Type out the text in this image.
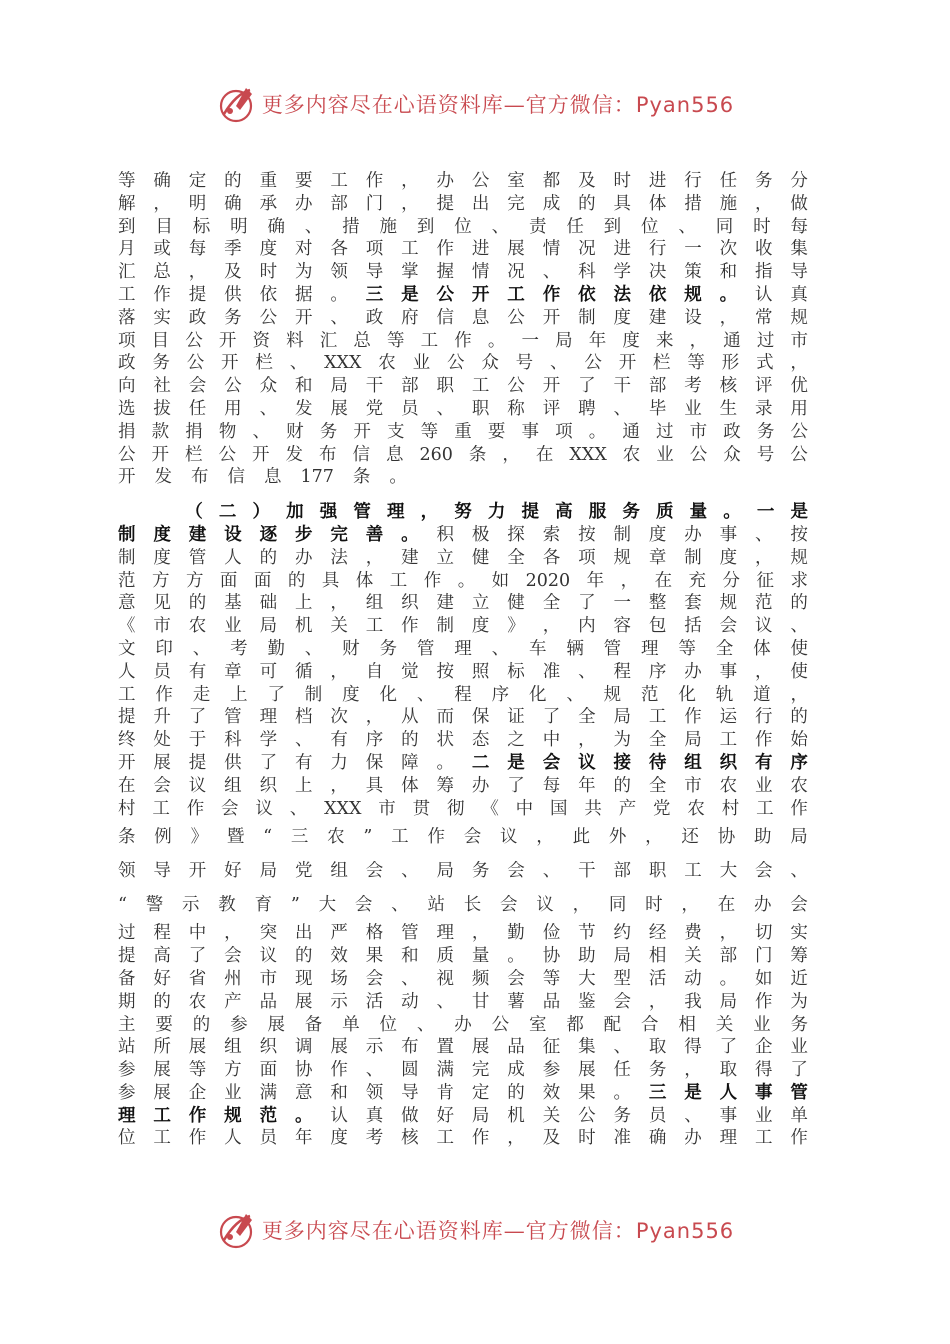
更多内容尽在心语资料库—官方微信：Pyan556
等 确 定 的 重 要 工 作 ， 办 公 室 都 及 时 进 行 任 务 分
解 ， 明 确 承 办 部 门 ， 提 出 完 成 的 具 体 措 施 ， 做
到 目 标 明 确 、 措 施 到 位 、 责 任 到 位 、 同 时 每
月 或 每 季 度 对 各 项 工 作 进 展 情 况 进 行 一 次 收 集
汇 总 ， 及 时 为 领 导 掌 握 情 况 、 科 学 决 策 和 指 导
工 作 提 供 依 据 。 三 是 公 开 工 作 依 法 依 规 。 认 真
落 实 政 务 公 开 、 政 府 信 息 公 开 制 度 建 设 ， 常 规
项 目 公 开 资 料 汇 总 等 工 作 。 一 局 年 度 来 ， 通 过 市
政 务 公 开 栏 、 XXX 农 业 公 众 号 、 公 开 栏 等 形 式 ，
向 社 会 公 众 和 局 干 部 职 工 公 开 了 干 部 考 核 评 优
选 拔 任 用 、 发 展 党 员 、 职 称 评 聘 、 毕 业 生 录 用
捐 款 捐 物 、 财 务 开 支 等 重 要 事 项 。 通 过 市 政 务 公
公 开 栏 公 开 发 布 信 息 260 条 ， 在 XXX 农 业 公 众 号 公
开 发 布 信 息 177 条 。

（ 二 ） 加 强 管 理 ， 努 力 提 高 服 务 质 量 。 一 是
制 度 建 设 逐 步 完 善 。 积 极 探 索 按 制 度 办 事 、 按
制 度 管 人 的 办 法 ， 建 立 健 全 各 项 规 章 制 度 ， 规
范 方 方 面 面 的 具 体 工 作 。 如 2020 年 ， 在 充 分 征 求
意 见 的 基 础 上 ， 组 织 建 立 健 全 了 一 整 套 规 范 的
《 市 农 业 局 机 关 工 作 制 度 》 ， 内 容 包 括 会 议 、
文 印 、 考 勤 、 财 务 管 理 、 车 辆 管 理 等 全 体 使
人 员 有 章 可 循 ， 自 觉 按 照 标 准 、 程 序 办 事 ， 使
工 作 走 上 了 制 度 化 、 程 序 化 、 规 范 化 轨 道 ，
提 升 了 管 理 档 次 ， 从 而 保 证 了 全 局 工 作 运 行 的
终 处 于 科 学 、 有 序 的 状 态 之 中 ， 为 全 局 工 作 始
开 展 提 供 了 有 力 保 障 。 二 是 会 议 接 待 组 织 有 序
在 会 议 组 织 上 ， 具 体 筹 办 了 每 年 的 全 市 农 业 农
村 工 作 会 议 、 XXX 市 贯 彻 《 中 国 共 产 党 农 村 工 作
条 例 》 暨 “ 三 农 ” 工 作 会 议 ， 此 外 ， 还 协 助 局
领 导 开 好 局 党 组 会 、 局 务 会 、 干 部 职 工 大 会 、
“ 警 示 教 育 ” 大 会 、 站 长 会 议 ， 同 时 ， 在 办 会
过 程 中 ， 突 出 严 格 管 理 ， 勤 俭 节 约 经 费 ， 切 实
提 高 了 会 议 的 效 果 和 质 量 。 协 助 局 相 关 部 门 筹
备 好 省 州 市 现 场 会 、 视 频 会 等 大 型 活 动 。 如 近
期 的 农 产 品 展 示 活 动 、 甘 薯 品 鉴 会 ， 我 局 作 为
主 要 的 参 展 备 单 位 、 办 公 室 都 配 合 相 关 业 务
站 所 展 组 织 调 展 示 布 置 展 品 征 集 、 取 得 了 企 业
参 展 等 方 面 协 作 、 圆 满 完 成 参 展 任 务 ， 取 得 了
参 展 企 业 满 意 和 领 导 肯 定 的 效 果 。 三 是 人 事 管
理 工 作 规 范 。 认 真 做 好 局 机 关 公 务 员 、 事 业 单
位 工 作 人 员 年 度 考 核 工 作 ， 及 时 准 确 办 理 工 作
更多内容尽在心语资料库—官方微信：Pyan556
